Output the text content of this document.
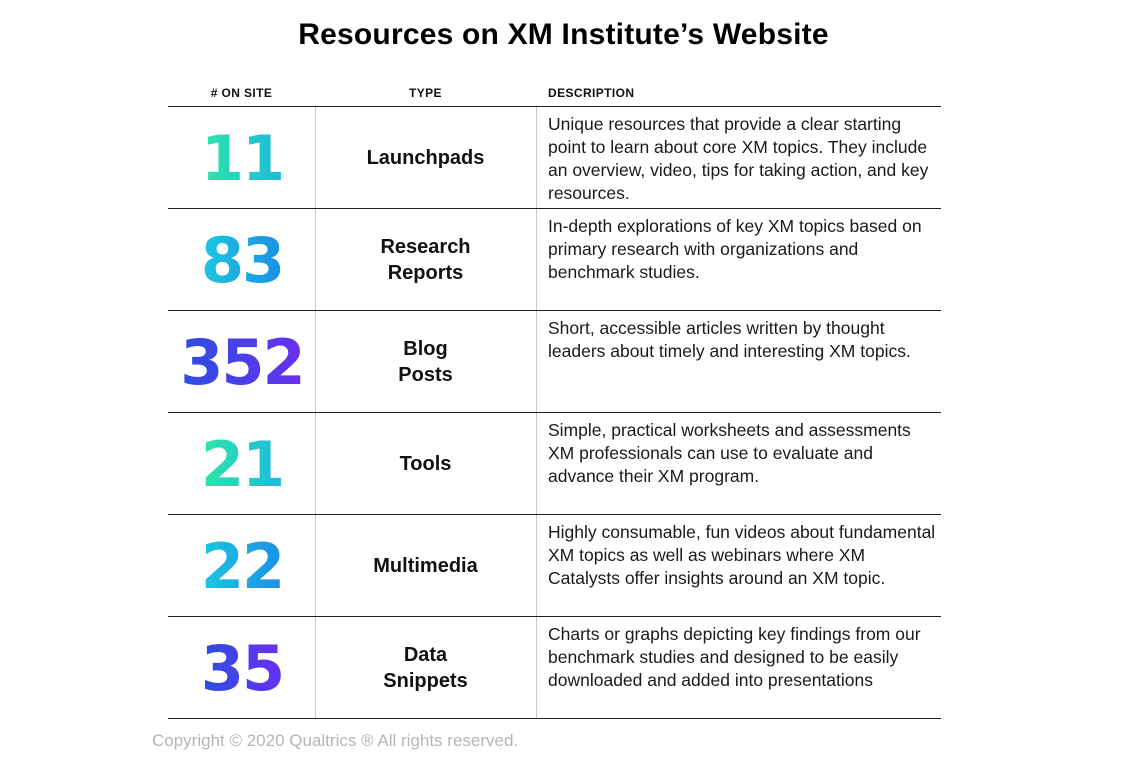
Resources on XM Institute’s Website
# ON SITE	TYPE	DESCRIPTION
11	Launchpads
Unique resources that provide a clear starting point to learn about core XM topics. They include an overview, video, tips for taking action, and key resources.
83	Research
Reports
In-depth explorations of key XM topics based on primary research with organizations and benchmark studies.
352	Blog
Posts
Short, accessible articles written by thought leaders about timely and interesting XM topics.
21	Tools
Simple, practical worksheets and assessments XM professionals can use to evaluate and advance their XM program.
22	Multimedia
Highly consumable, fun videos about fundamental XM topics as well as webinars where XM Catalysts offer insights around an XM topic.
35	Data
Snippets
Charts or graphs depicting key findings from our benchmark studies and designed to be easily downloaded and added into presentations
Copyright © 2020 Qualtrics ® All rights reserved.
